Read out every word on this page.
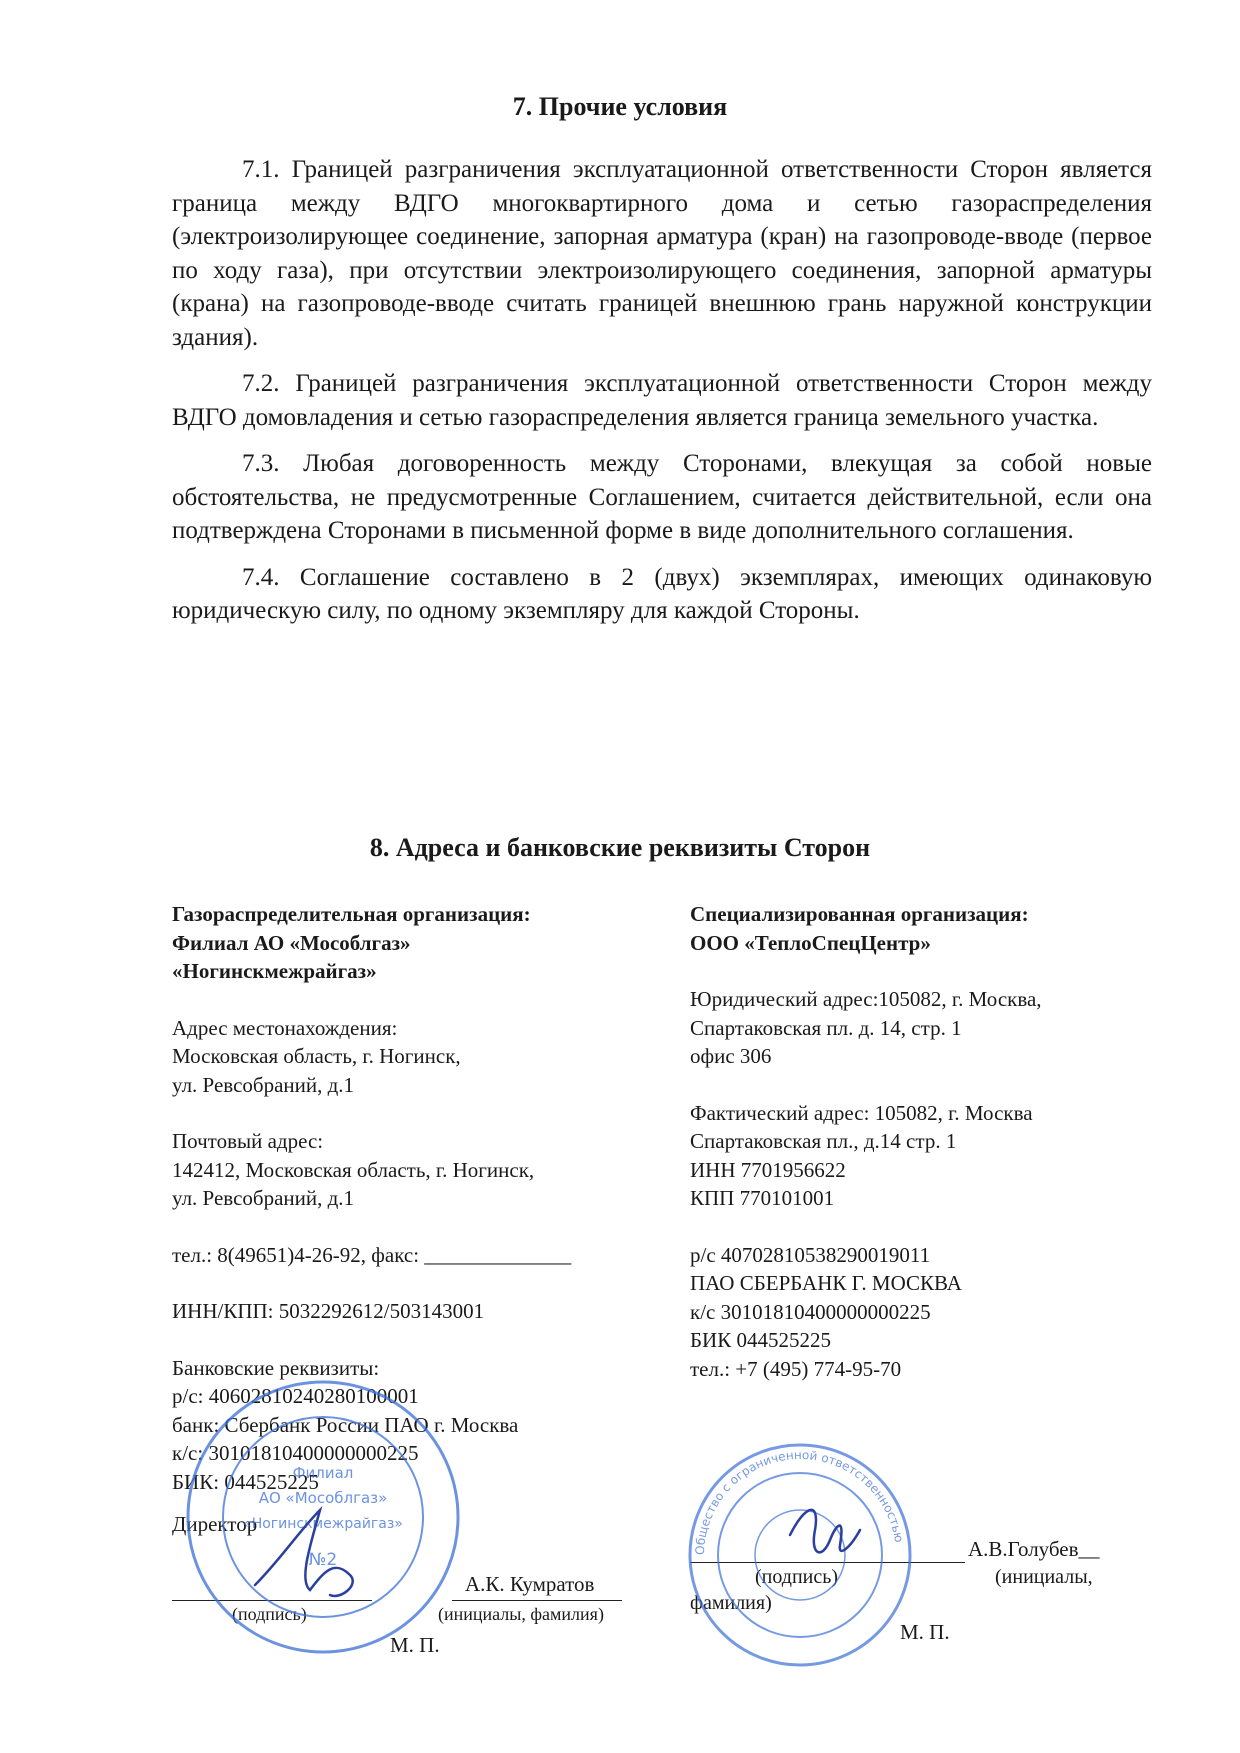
7. Прочие условия

7.1. Границей разграничения эксплуатационной ответственности Сторон является граница между ВДГО многоквартирного дома и сетью газораспределения (электроизолирующее соединение, запорная арматура (кран) на газопроводе-вводе (первое по ходу газа), при отсутствии электроизолирующего соединения, запорной арматуры (крана) на газопроводе-вводе считать границей внешнюю грань наружной конструкции здания).

7.2. Границей разграничения эксплуатационной ответственности Сторон между ВДГО домовладения и сетью газораспределения является граница земельного участка.

7.3. Любая договоренность между Сторонами, влекущая за собой новые обстоятельства, не предусмотренные Соглашением, считается действительной, если она подтверждена Сторонами в письменной форме в виде дополнительного соглашения.

7.4. Соглашение составлено в 2 (двух) экземплярах, имеющих одинаковую юридическую силу, по одному экземпляру для каждой Стороны.

8. Адреса и банковские реквизиты Сторон
Газораспределительная организация:
Филиал АО «Мособлгаз»
«Ногинскмежрайгаз»
Адрес местонахождения:
Московская область, г. Ногинск,
ул. Ревсобраний, д.1
Почтовый адрес:
142412, Московская область, г. Ногинск,
ул. Ревсобраний, д.1
тел.: 8(49651)4-26-92, факс: ______________
ИНН/КПП: 5032292612/503143001
Банковские реквизиты:
р/с: 40602810240280100001
банк: Сбербанк России ПАО г. Москва
к/с: 30101810400000000225
БИК: 044525225
Директор
А.К. Кумратов
(подпись)	(инициалы, фамилия)
М. П.
Специализированная организация:
ООО «ТеплоСпецЦентр»
Юридический адрес:105082, г. Москва,
Спартаковская пл. д. 14, стр. 1
офис 306
Фактический адрес: 105082, г. Москва
Спартаковская пл., д.14 стр. 1
ИНН 7701956622
КПП 770101001
р/с 40702810538290019011
ПАО СБЕРБАНК Г. МОСКВА
к/с 30101810400000000225
БИК 044525225
тел.: +7 (495) 774-95-70
А.В.Голубев__
(подпись)	(инициалы,
фамилия)
М. П.
Филиал
АО «Мособлгаз»
«Ногинскмежрайгаз»
№2	Общество с ограниченной ответственностью
